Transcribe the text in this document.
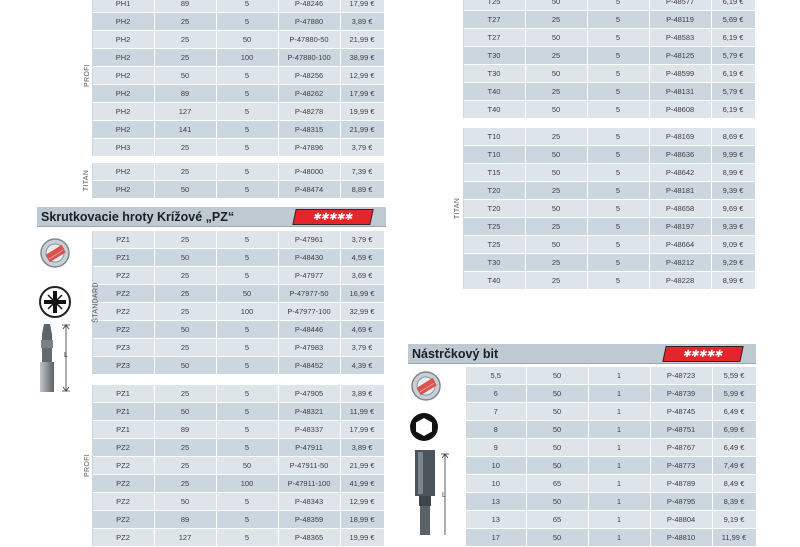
PROFI	PH1	89	5	P-48246	17,99 €
	PH2	25	5	P-47880	3,89 €
	PH2	25	50	P-47880-50	21,99 €
	PH2	25	100	P-47880-100	38,99 €
	PH2	50	5	P-48256	12,99 €
	PH2	89	5	P-48262	17,99 €
	PH2	127	5	P-48278	19,99 €
	PH2	141	5	P-48315	21,99 €
	PH3	25	5	P-47896	3,79 €
TITAN	PH2	25	5	P-48000	7,39 €
	PH2	50	5	P-48474	8,89 €
Skrutkovacie hroty Krížové „PZ“	✱✱✱✱✱
L
ŠTANDARD	PZ1	25	5	P-47961	3,79 €
	PZ1	50	5	P-48430	4,59 €
	PZ2	25	5	P-47977	3,69 €
	PZ2	25	50	P-47977-50	16,99 €
	PZ2	25	100	P-47977-100	32,99 €
	PZ2	50	5	P-48446	4,69 €
	PZ3	25	5	P-47983	3,79 €
	PZ3	50	5	P-48452	4,39 €
PROFI	PZ1	25	5	P-47905	3,89 €
	PZ1	50	5	P-48321	11,99 €
	PZ1	89	5	P-48337	17,99 €
	PZ2	25	5	P-47911	3,89 €
	PZ2	25	50	P-47911-50	21,99 €
	PZ2	25	100	P-47911-100	41,99 €
	PZ2	50	5	P-48343	12,99 €
	PZ2	89	5	P-48359	18,99 €
	PZ2	127	5	P-48365	19,99 €
	T25	50	5	P-48577	6,19 €
	T27	25	5	P-48119	5,69 €
	T27	50	5	P-48583	6,19 €
	T30	25	5	P-48125	5,79 €
	T30	50	5	P-48599	6,19 €
	T40	25	5	P-48131	5,79 €
	T40	50	5	P-48608	6,19 €
TITAN	T10	25	5	P-48169	8,69 €
	T10	50	5	P-48636	9,99 €
	T15	50	5	P-48642	8,99 €
	T20	25	5	P-48181	9,39 €
	T20	50	5	P-48658	9,69 €
	T25	25	5	P-48197	9,39 €
	T25	50	5	P-48664	9,09 €
	T30	25	5	P-48212	9,29 €
	T40	25	5	P-48228	8,99 €
Nástrčkový bit	✱✱✱✱✱
L
5,5	50	1	P-48723	5,59 €
6	50	1	P-48739	5,99 €
7	50	1	P-48745	6,49 €
8	50	1	P-48751	6,99 €
9	50	1	P-48767	6,49 €
10	50	1	P-48773	7,49 €
10	65	1	P-48789	8,49 €
13	50	1	P-48795	8,39 €
13	65	1	P-48804	9,19 €
17	50	1	P-48810	11,99 €
